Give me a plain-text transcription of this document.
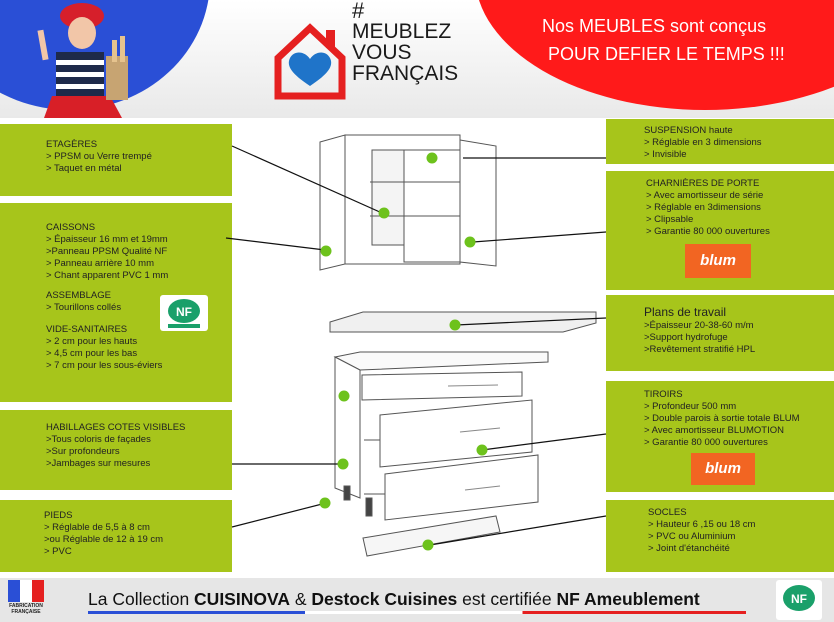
#
MEUBLEZ
VOUS
FRANÇAIS
Nos MEUBLES sont conçus
POUR DEFIER LE TEMPS !!!
ETAGÈRES
> PPSM ou Verre trempé
> Taquet en métal
CAISSONS
> Épaisseur 16 mm et 19mm
>Panneau PPSM Qualité NF
> Panneau arrière 10 mm
> Chant apparent PVC 1 mm
ASSEMBLAGE
> Tourillons collés
VIDE-SANITAIRES
> 2 cm pour les hauts
> 4,5 cm pour les bas
> 7 cm pour les sous-éviers
NF
HABILLAGES COTES VISIBLES
>Tous coloris de façades
>Sur profondeurs
>Jambages sur mesures
PIEDS
> Réglable de 5,5 à 8 cm
>ou Réglable de 12 à 19 cm
> PVC
SUSPENSION haute
> Réglable en 3 dimensions
> Invisible
CHARNIÈRES DE PORTE
> Avec amortisseur de série
> Réglable en 3dimensions
> Clipsable
> Garantie 80 000 ouvertures
blum
Plans de travail
>Épaisseur 20-38-60 m/m
>Support hydrofuge
>Revêtement stratifié HPL
TIROIRS
> Profondeur 500 mm
> Double parois à sortie totale BLUM
> Avec amortisseur BLUMOTION
> Garantie 80 000 ouvertures
blum
SOCLES
> Hauteur 6 ,15 ou 18 cm
> PVC ou Aluminium
> Joint d'étanchéité
FABRICATION FRANÇAISE
La Collection CUISINOVA & Destock Cuisines est certifiée NF Ameublement	NF
